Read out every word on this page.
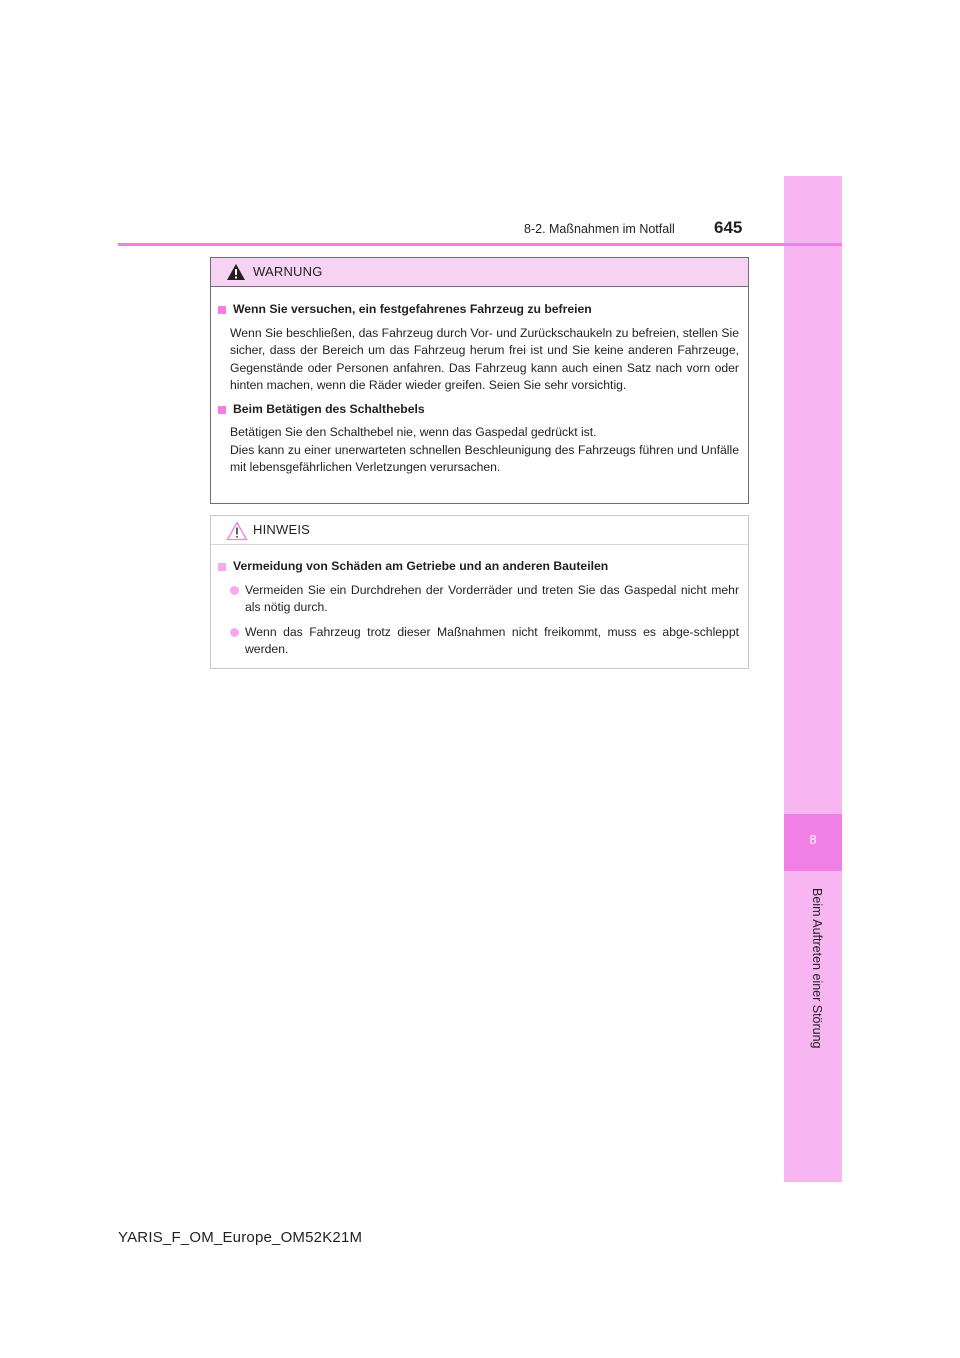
8
Beim Auftreten einer Störung
8-2. Maßnahmen im Notfall 645
WARNUNG
Wenn Sie versuchen, ein festgefahrenes Fahrzeug zu befreien
Wenn Sie beschließen, das Fahrzeug durch Vor- und Zurückschaukeln zu befreien, stellen Sie sicher, dass der Bereich um das Fahrzeug herum frei ist und Sie keine anderen Fahrzeuge, Gegenstände oder Personen anfahren. Das Fahrzeug kann auch einen Satz nach vorn oder hinten machen, wenn die Räder wieder greifen. Seien Sie sehr vorsichtig.
Beim Betätigen des Schalthebels
Betätigen Sie den Schalthebel nie, wenn das Gaspedal gedrückt ist.
Dies kann zu einer unerwarteten schnellen Beschleunigung des Fahrzeugs führen und Unfälle mit lebensgefährlichen Verletzungen verursachen.
HINWEIS
Vermeidung von Schäden am Getriebe und an anderen Bauteilen
Vermeiden Sie ein Durchdrehen der Vorderräder und treten Sie das Gaspedal nicht mehr als nötig durch.
Wenn das Fahrzeug trotz dieser Maßnahmen nicht freikommt, muss es abge-schleppt werden.
YARIS_F_OM_Europe_OM52K21M
